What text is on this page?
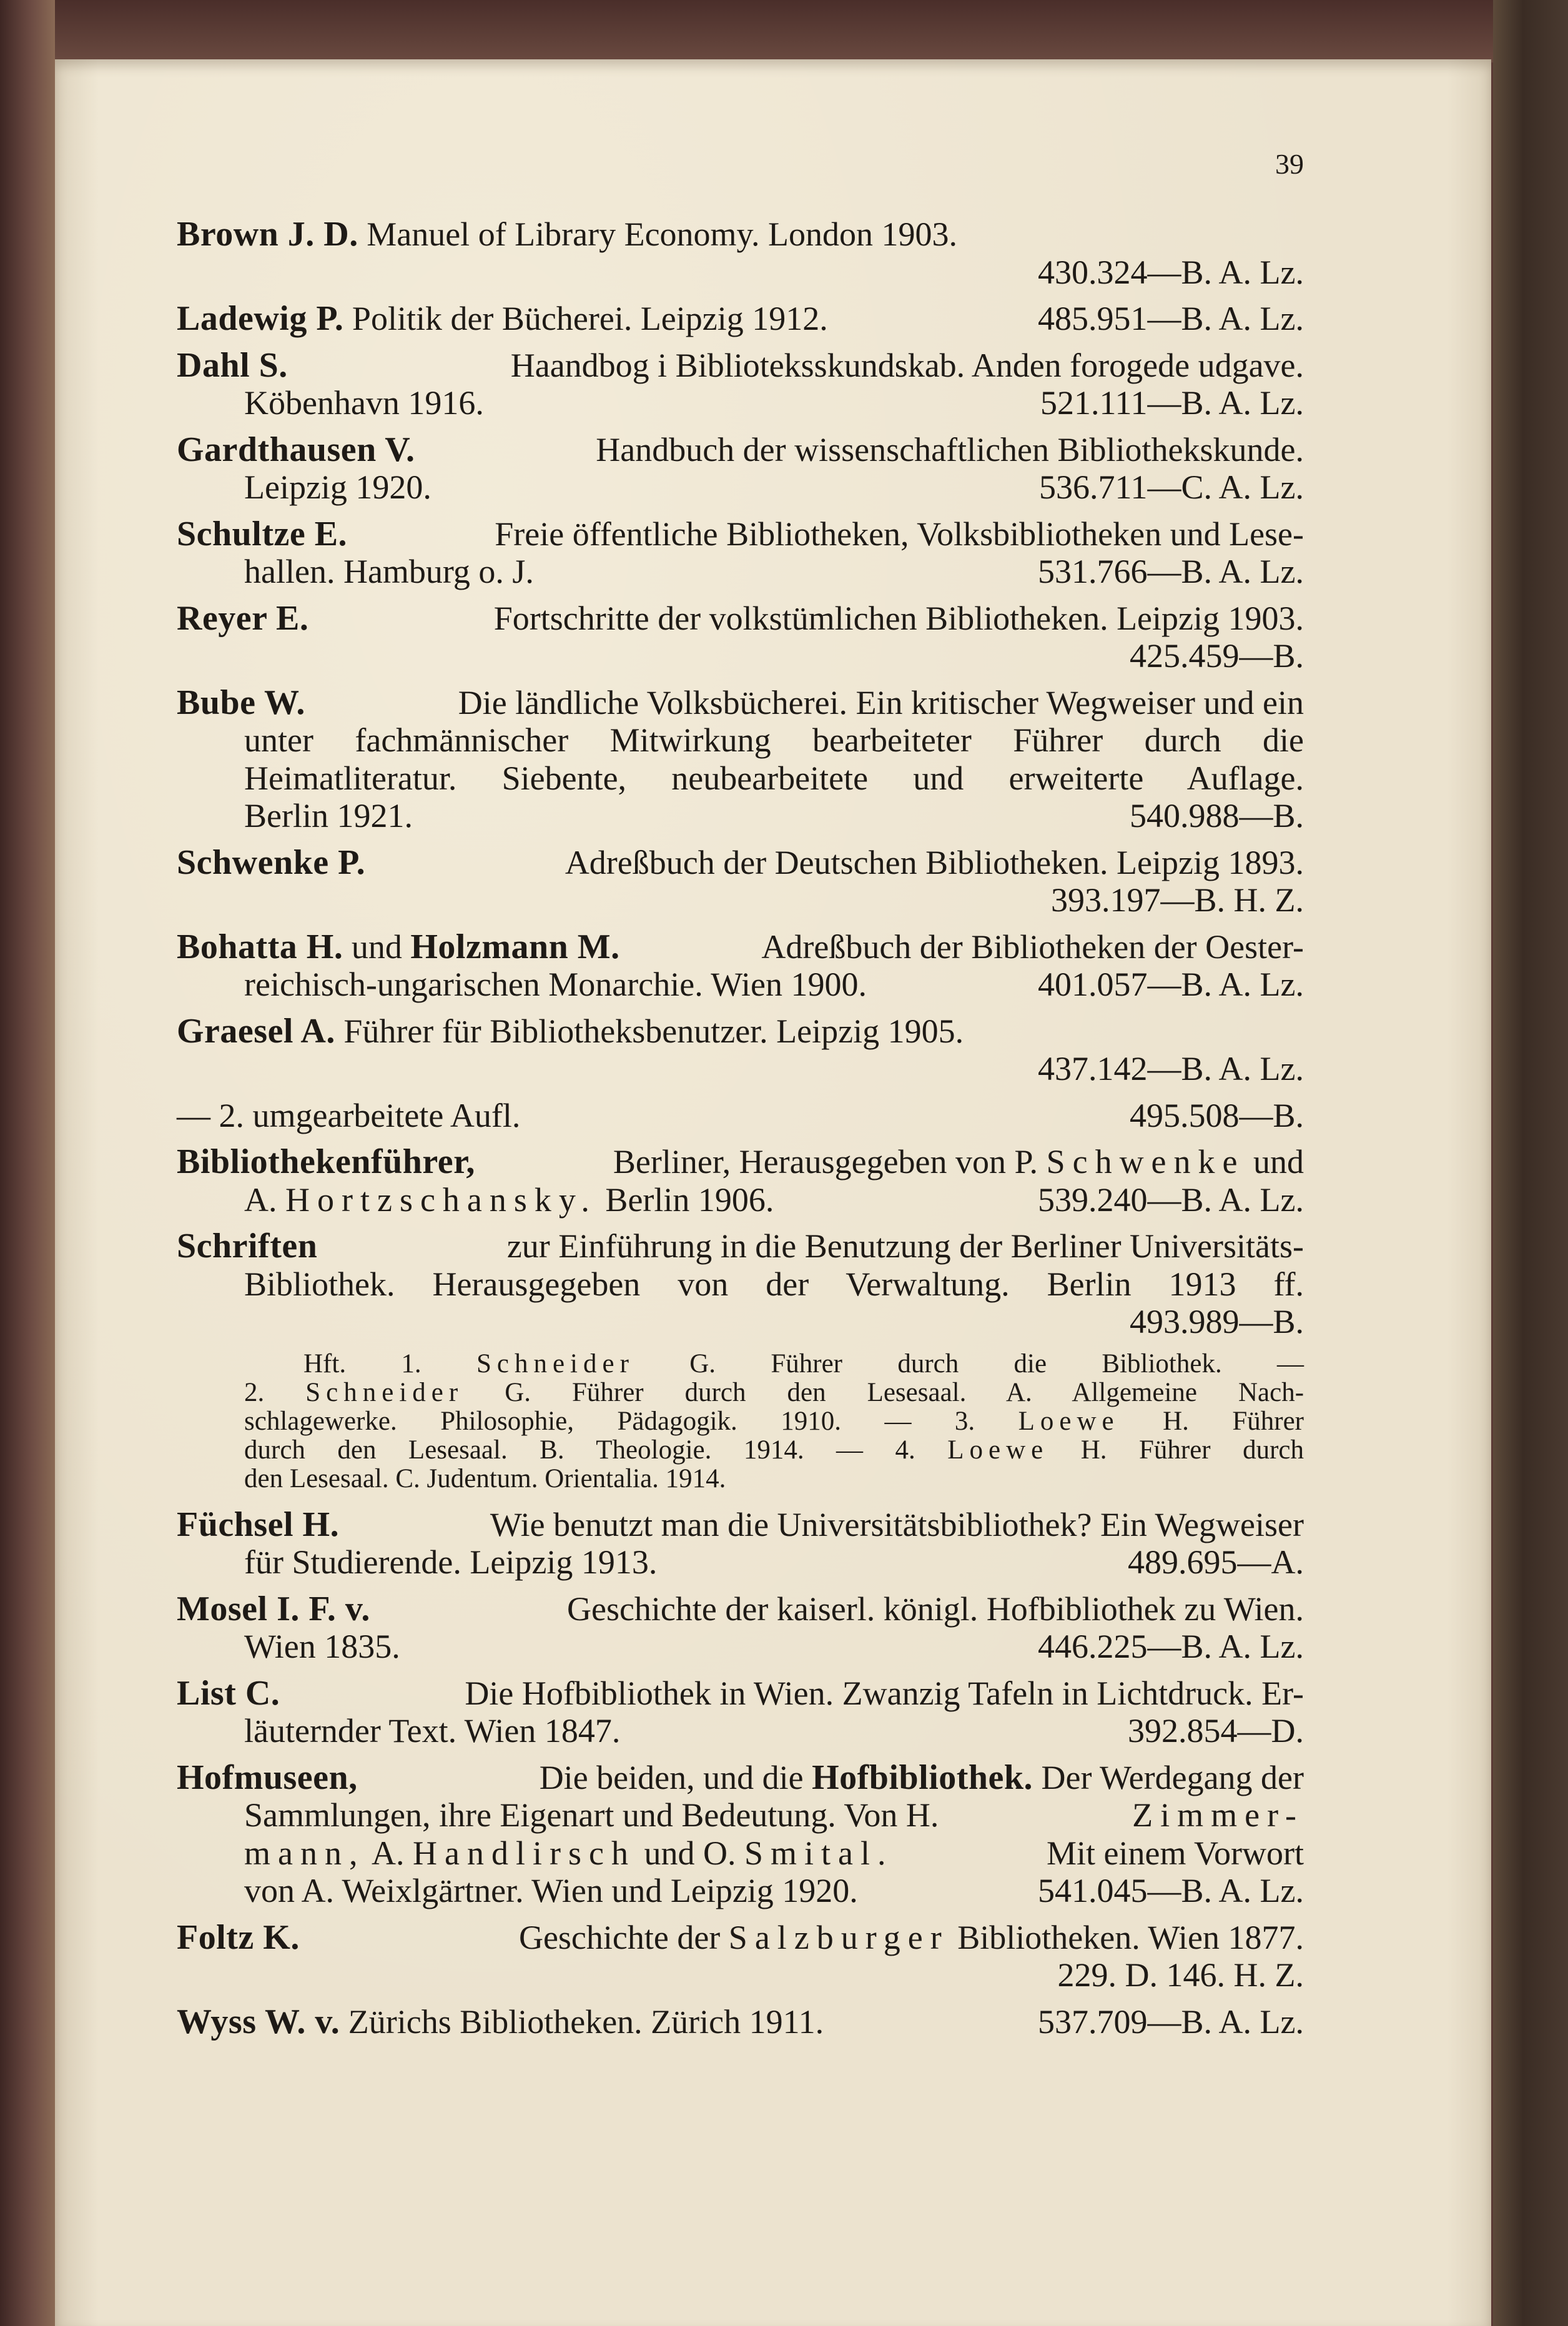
39
Brown J. D. Manuel of Library Economy. London 1903.
430.324—B. A. Lz.
Ladewig P. Politik der Bücherei. Leipzig 1912.	485.951—B. A. Lz.
Dahl S.	Haandbog i Biblioteksskundskab. Anden forogede udgave.
Köbenhavn 1916.	521.111—B. A. Lz.
Gardthausen V.	Handbuch der wissenschaftlichen Bibliothekskunde.
Leipzig 1920.	536.711—C. A. Lz.
Schultze E.	Freie öffentliche Bibliotheken, Volksbibliotheken und Lese-
hallen. Hamburg o. J.	531.766—B. A. Lz.
Reyer E.	Fortschritte der volkstümlichen Bibliotheken. Leipzig 1903.
425.459—B.
Bube W.	Die ländliche Volksbücherei. Ein kritischer Wegweiser und ein
unter fachmännischer Mitwirkung bearbeiteter Führer durch die
Heimatliteratur. Siebente, neubearbeitete und erweiterte Auflage.
Berlin 1921.	540.988—B.
Schwenke P.	Adreßbuch der Deutschen Bibliotheken. Leipzig 1893.
393.197—B. H. Z.
Bohatta H. und Holzmann M.	Adreßbuch der Bibliotheken der Oester-
reichisch-ungarischen Monarchie. Wien 1900.	401.057—B. A. Lz.
Graesel A. Führer für Bibliotheksbenutzer. Leipzig 1905.
437.142—B. A. Lz.
— 2. umgearbeitete Aufl.	495.508—B.
Bibliothekenführer,	Berliner, Herausgegeben von P. Schwenke und
A. Hortzschansky. Berlin 1906.	539.240—B. A. Lz.
Schriften	zur Einführung in die Benutzung der Berliner Universitäts-
Bibliothek. Herausgegeben von der Verwaltung. Berlin 1913 ff.
493.989—B.
Hft. 1. Schneider G. Führer durch die Bibliothek. —
2. Schneider G. Führer durch den Lesesaal. A. Allgemeine Nach-
schlagewerke. Philosophie, Pädagogik. 1910. — 3. Loewe H. Führer
durch den Lesesaal. B. Theologie. 1914. — 4. Loewe H. Führer durch
den Lesesaal. C. Judentum. Orientalia. 1914.
Füchsel H.	Wie benutzt man die Universitätsbibliothek? Ein Wegweiser
für Studierende. Leipzig 1913.	489.695—A.
Mosel I. F. v.	Geschichte der kaiserl. königl. Hofbibliothek zu Wien.
Wien 1835.	446.225—B. A. Lz.
List C.	Die Hofbibliothek in Wien. Zwanzig Tafeln in Lichtdruck. Er-
läuternder Text. Wien 1847.	392.854—D.
Hofmuseen,	Die beiden, und die Hofbibliothek. Der Werdegang der
Sammlungen, ihre Eigenart und Bedeutung. Von H.	Zimmer-
mann, A. Handlirsch und O. Smital.	Mit einem Vorwort
von A. Weixlgärtner. Wien und Leipzig 1920.	541.045—B. A. Lz.
Foltz K.	Geschichte der Salzburger Bibliotheken. Wien 1877.
229. D. 146. H. Z.
Wyss W. v. Zürichs Bibliotheken. Zürich 1911.	537.709—B. A. Lz.
